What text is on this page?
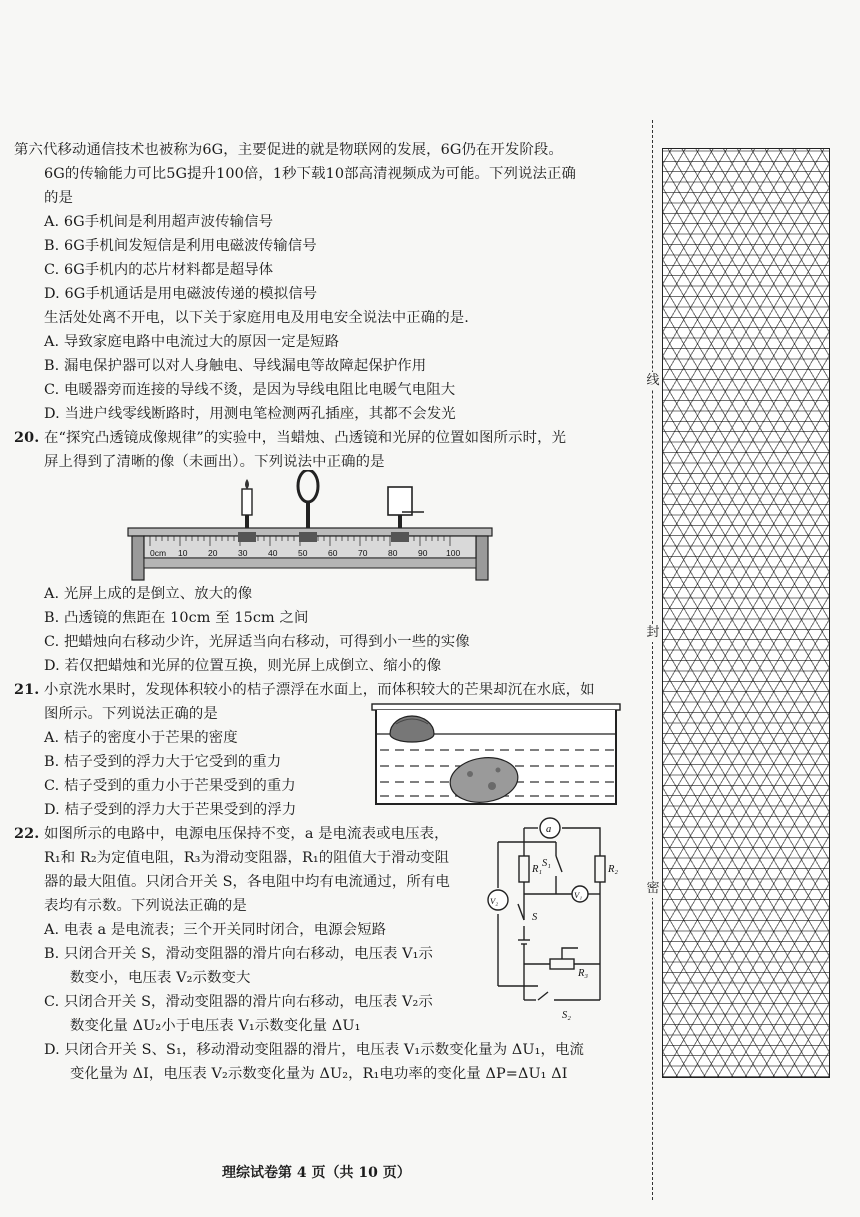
第六代移动通信技术也被称为6G，主要促进的就是物联网的发展，6G仍在开发阶段。
6G的传输能力可比5G提升100倍，1秒下载10部高清视频成为可能。下列说法正确
的是
A. 6G手机间是利用超声波传输信号
B. 6G手机间发短信是利用电磁波传输信号
C. 6G手机内的芯片材料都是超导体
D. 6G手机通话是用电磁波传递的模拟信号
生活处处离不开电，以下关于家庭用电及用电安全说法中正确的是.
A. 导致家庭电路中电流过大的原因一定是短路
B. 漏电保护器可以对人身触电、导线漏电等故障起保护作用
C. 电暖器旁而连接的导线不烫，是因为导线电阻比电暖气电阻大
D. 当进户线零线断路时，用测电笔检测两孔插座，其都不会发光
20. 在“探究凸透镜成像规律”的实验中，当蜡烛、凸透镜和光屏的位置如图所示时，光
屏上得到了清晰的像（未画出）。下列说法中正确的是
0cm 10 20 30 40 50 60 70 80 90 100
A. 光屏上成的是倒立、放大的像
B. 凸透镜的焦距在 10cm 至 15cm 之间
C. 把蜡烛向右移动少许，光屏适当向右移动，可得到小一些的实像
D. 若仅把蜡烛和光屏的位置互换，则光屏上成倒立、缩小的像
21. 小京洗水果时，发现体积较小的桔子漂浮在水面上，而体积较大的芒果却沉在水底，如
图所示。下列说法正确的是
A. 桔子的密度小于芒果的密度
B. 桔子受到的浮力大于它受到的重力
C. 桔子受到的重力小于芒果受到的重力
D. 桔子受到的浮力大于芒果受到的浮力
22. 如图所示的电路中，电源电压保持不变，a 是电流表或电压表，
R₁和 R₂为定值电阻，R₃为滑动变阻器，R₁的阻值大于滑动变阻
器的最大阻值。只闭合开关 S，各电阻中均有电流通过，所有电
表均有示数。下列说法正确的是
A. 电表 a 是电流表；三个开关同时闭合，电源会短路
B. 只闭合开关 S，滑动变阻器的滑片向右移动，电压表 V₁示
数变小，电压表 V₂示数变大
C. 只闭合开关 S，滑动变阻器的滑片向右移动，电压表 V₂示
数变化量 ΔU₂小于电压表 V₁示数变化量 ΔU₁
D. 只闭合开关 S、S₁，移动滑动变阻器的滑片，电压表 V₁示数变化量为 ΔU₁，电流
变化量为 ΔI，电压表 V₂示数变化量为 ΔU₂，R₁电功率的变化量 ΔP=ΔU₁ ΔI
a
R₁	R₂
S₁
V₁
V₂
S
R₃
S₂
线
封
密
理综试卷第 4 页（共 10 页）
